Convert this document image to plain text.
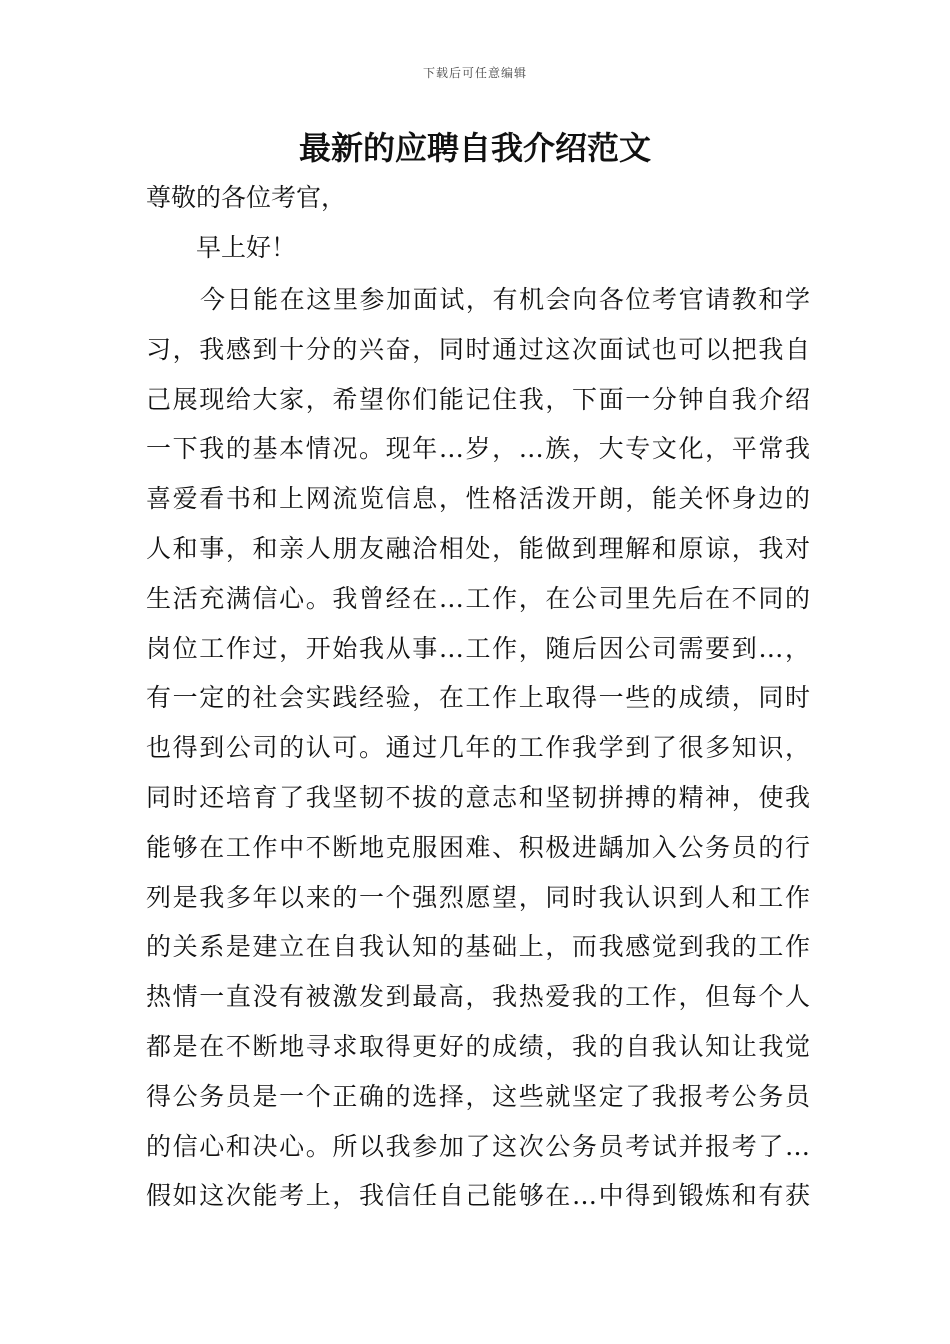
下载后可任意编辑
最新的应聘自我介绍范文
尊敬的各位考官，
早上好！
今日能在这里参加面试，有机会向各位考官请教和学
习，我感到十分的兴奋，同时通过这次面试也可以把我自
己展现给大家，希望你们能记住我，下面一分钟自我介绍
一下我的基本情况。现年…岁，…族，大专文化，平常我
喜爱看书和上网流览信息，性格活泼开朗，能关怀身边的
人和事，和亲人朋友融洽相处，能做到理解和原谅，我对
生活充满信心。我曾经在…工作，在公司里先后在不同的
岗位工作过，开始我从事…工作，随后因公司需要到…，
有一定的社会实践经验，在工作上取得一些的成绩，同时
也得到公司的认可。通过几年的工作我学到了很多知识，
同时还培育了我坚韧不拔的意志和坚韧拼搏的精神，使我
能够在工作中不断地克服困难、积极进龋加入公务员的行
列是我多年以来的一个强烈愿望，同时我认识到人和工作
的关系是建立在自我认知的基础上，而我感觉到我的工作
热情一直没有被激发到最高，我热爱我的工作，但每个人
都是在不断地寻求取得更好的成绩，我的自我认知让我觉
得公务员是一个正确的选择，这些就坚定了我报考公务员
的信心和决心。所以我参加了这次公务员考试并报考了…
假如这次能考上，我信任自己能够在…中得到锻炼和有获
